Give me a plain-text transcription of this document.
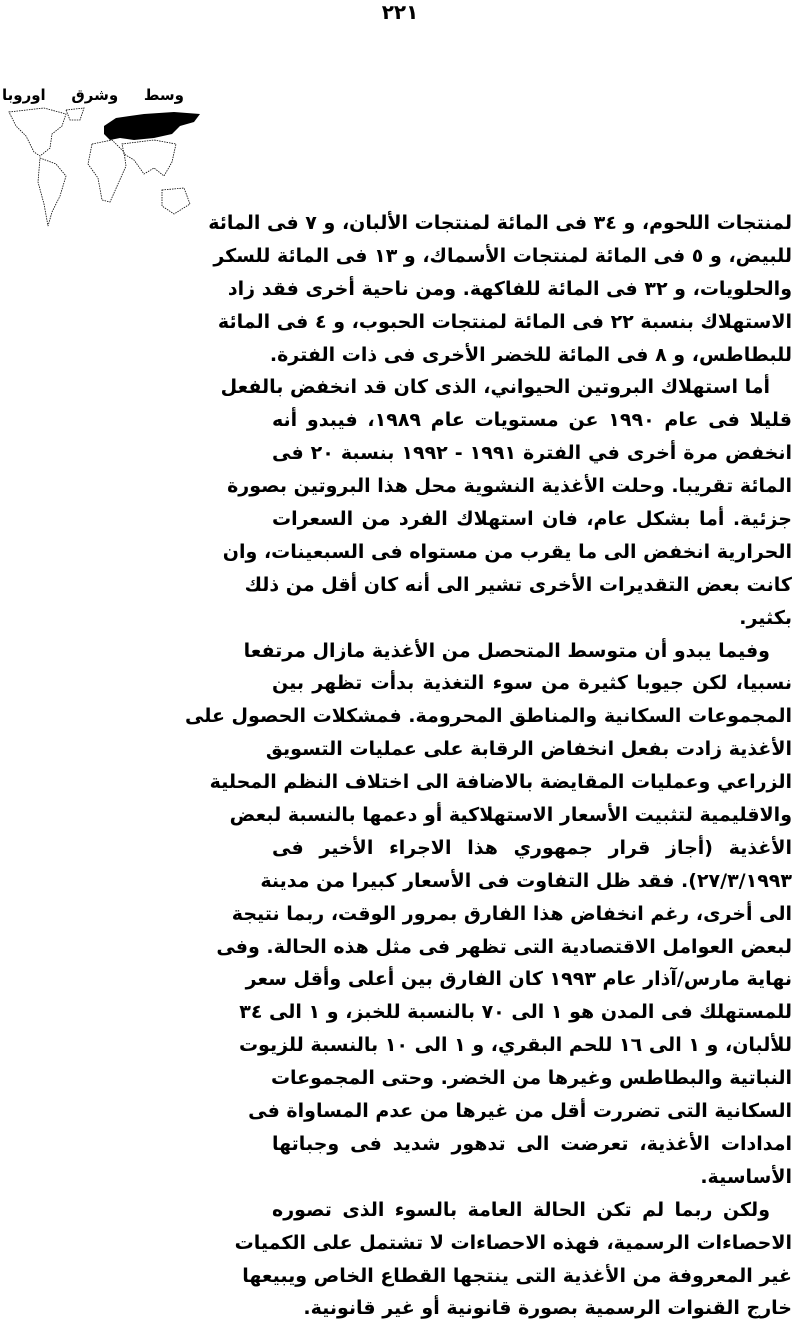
٢٢١
وسط وشرق اوروبا
لمنتجات اللحوم، و ٣٤ فى المائة لمنتجات الألبان، و ٧ فى المائة
للبيض، و ٥ فى المائة لمنتجات الأسماك، و ١٣ فى المائة للسكر
والحلويات، و ٣٢ فى المائة للفاكهة. ومن ناحية أخرى فقد زاد
الاستهلاك بنسبة ٢٢ فى المائة لمنتجات الحبوب، و ٤ فى المائة
للبطاطس، و ٨ فى المائة للخضر الأخرى فى ذات الفترة.
أما استهلاك البروتين الحيواني، الذى كان قد انخفض بالفعل
قليلا فى عام ١٩٩٠ عن مستويات عام ١٩٨٩، فيبدو أنه
انخفض مرة أخرى في الفترة ١٩٩١ - ١٩٩٢ بنسبة ٢٠ فى
المائة تقريبا. وحلت الأغذية النشوية محل هذا البروتين بصورة
جزئية. أما بشكل عام، فان استهلاك الفرد من السعرات
الحرارية انخفض الى ما يقرب من مستواه فى السبعينات، وان
كانت بعض التقديرات الأخرى تشير الى أنه كان أقل من ذلك
بكثير.
وفيما يبدو أن متوسط المتحصل من الأغذية مازال مرتفعا
نسبيا، لكن جيوبا كثيرة من سوء التغذية بدأت تظهر بين
المجموعات السكانية والمناطق المحرومة. فمشكلات الحصول على
الأغذية زادت بفعل انخفاض الرقابة على عمليات التسويق
الزراعي وعمليات المقايضة بالاضافة الى اختلاف النظم المحلية
والاقليمية لتثبيت الأسعار الاستهلاكية أو دعمها بالنسبة لبعض
الأغذية (أجاز قرار جمهوري هذا الاجراء الأخير فى
٢٧/٣/١٩٩٣). فقد ظل التفاوت فى الأسعار كبيرا من مدينة
الى أخرى، رغم انخفاض هذا الفارق بمرور الوقت، ربما نتيجة
لبعض العوامل الاقتصادية التى تظهر فى مثل هذه الحالة. وفى
نهاية مارس/آذار عام ١٩٩٣ كان الفارق بين أعلى وأقل سعر
للمستهلك فى المدن هو ١ الى ٧٠ بالنسبة للخبز، و ١ الى ٣٤
للألبان، و ١ الى ١٦ للحم البقري، و ١ الى ١٠ بالنسبة للزيوت
النباتية والبطاطس وغيرها من الخضر. وحتى المجموعات
السكانية التى تضررت أقل من غيرها من عدم المساواة فى
امدادات الأغذية، تعرضت الى تدهور شديد فى وجباتها
الأساسية.
ولكن ربما لم تكن الحالة العامة بالسوء الذى تصوره
الاحصاءات الرسمية، فهذه الاحصاءات لا تشتمل على الكميات
غير المعروفة من الأغذية التى ينتجها القطاع الخاص ويبيعها
خارج القنوات الرسمية بصورة قانونية أو غير قانونية.
